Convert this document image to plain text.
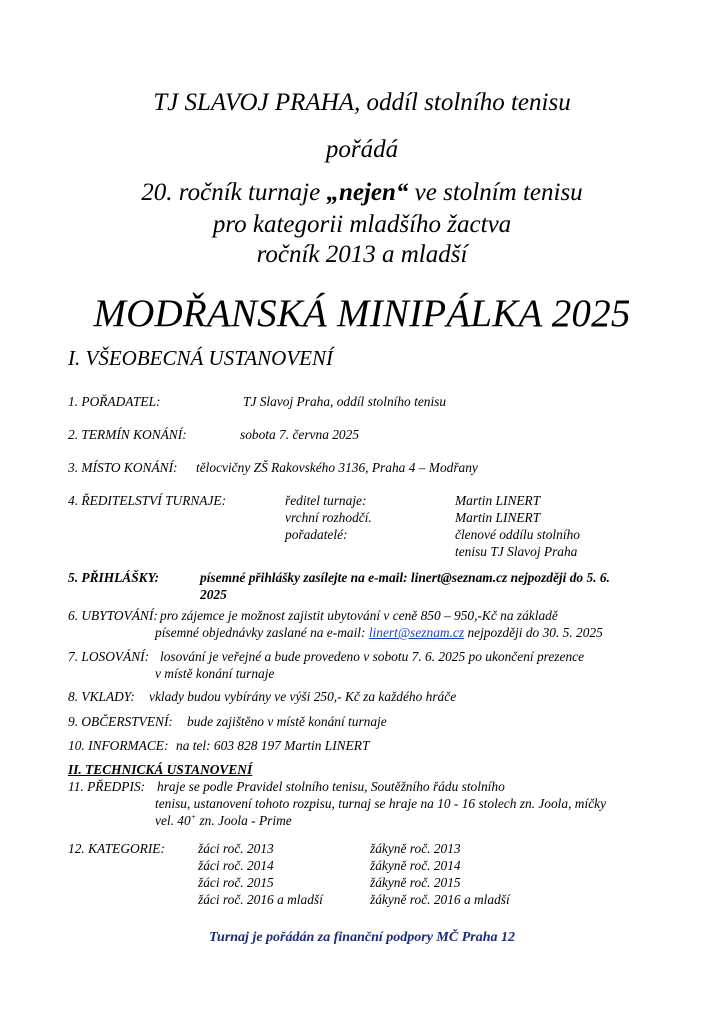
TJ SLAVOJ PRAHA, oddíl stolního tenisu
pořádá
20. ročník turnaje „nejen“ ve stolním tenisu
pro kategorii mladšího žactva
ročník 2013 a mladší
MODŘANSKÁ MINIPÁLKA 2025
I. VŠEOBECNÁ USTANOVENÍ
1. POŘADATEL:	TJ Slavoj Praha, oddíl stolního tenisu
2. TERMÍN KONÁNÍ:	sobota 7. června 2025
3. MÍSTO KONÁNÍ: tělocvičny ZŠ Rakovského 3136, Praha 4 – Modřany
4. ŘEDITELSTVÍ TURNAJE:	ředitel turnaje:	Martin LINERT
vrchní rozhodčí.	Martin LINERT
pořadatelé:	členové oddílu stolního
tenisu TJ Slavoj Praha
5. PŘIHLÁŠKY:	písemné přihlášky zasílejte na e-mail: linert@seznam.cz nejpozději do 5. 6.
2025
6. UBYTOVÁNÍ: pro zájemce je možnost zajistit ubytování v ceně 850 – 950,-Kč na základě
písemné objednávky zaslané na e-mail: linert@seznam.cz nejpozději do 30. 5. 2025
7. LOSOVÁNÍ: losování je veřejné a bude provedeno v sobotu 7. 6. 2025 po ukončení prezence
v místě konání turnaje
8. VKLADY: vklady budou vybírány ve výši 250,- Kč za každého hráče
9. OBČERSTVENÍ: bude zajištěno v místě konání turnaje
10. INFORMACE: na tel: 603 828 197 Martin LINERT
II. TECHNICKÁ USTANOVENÍ
11. PŘEDPIS: hraje se podle Pravidel stolního tenisu, Soutěžního řádu stolního
tenisu, ustanovení tohoto rozpisu, turnaj se hraje na 10 - 16 stolech zn. Joola, míčky
vel. 40+ zn. Joola - Prime
12. KATEGORIE: žáci roč. 2013	žákyně roč. 2013
žáci roč. 2014	žákyně roč. 2014
žáci roč. 2015	žákyně roč. 2015
žáci roč. 2016 a mladší	žákyně roč. 2016 a mladší
Turnaj je pořádán za finanční podpory MČ Praha 12
